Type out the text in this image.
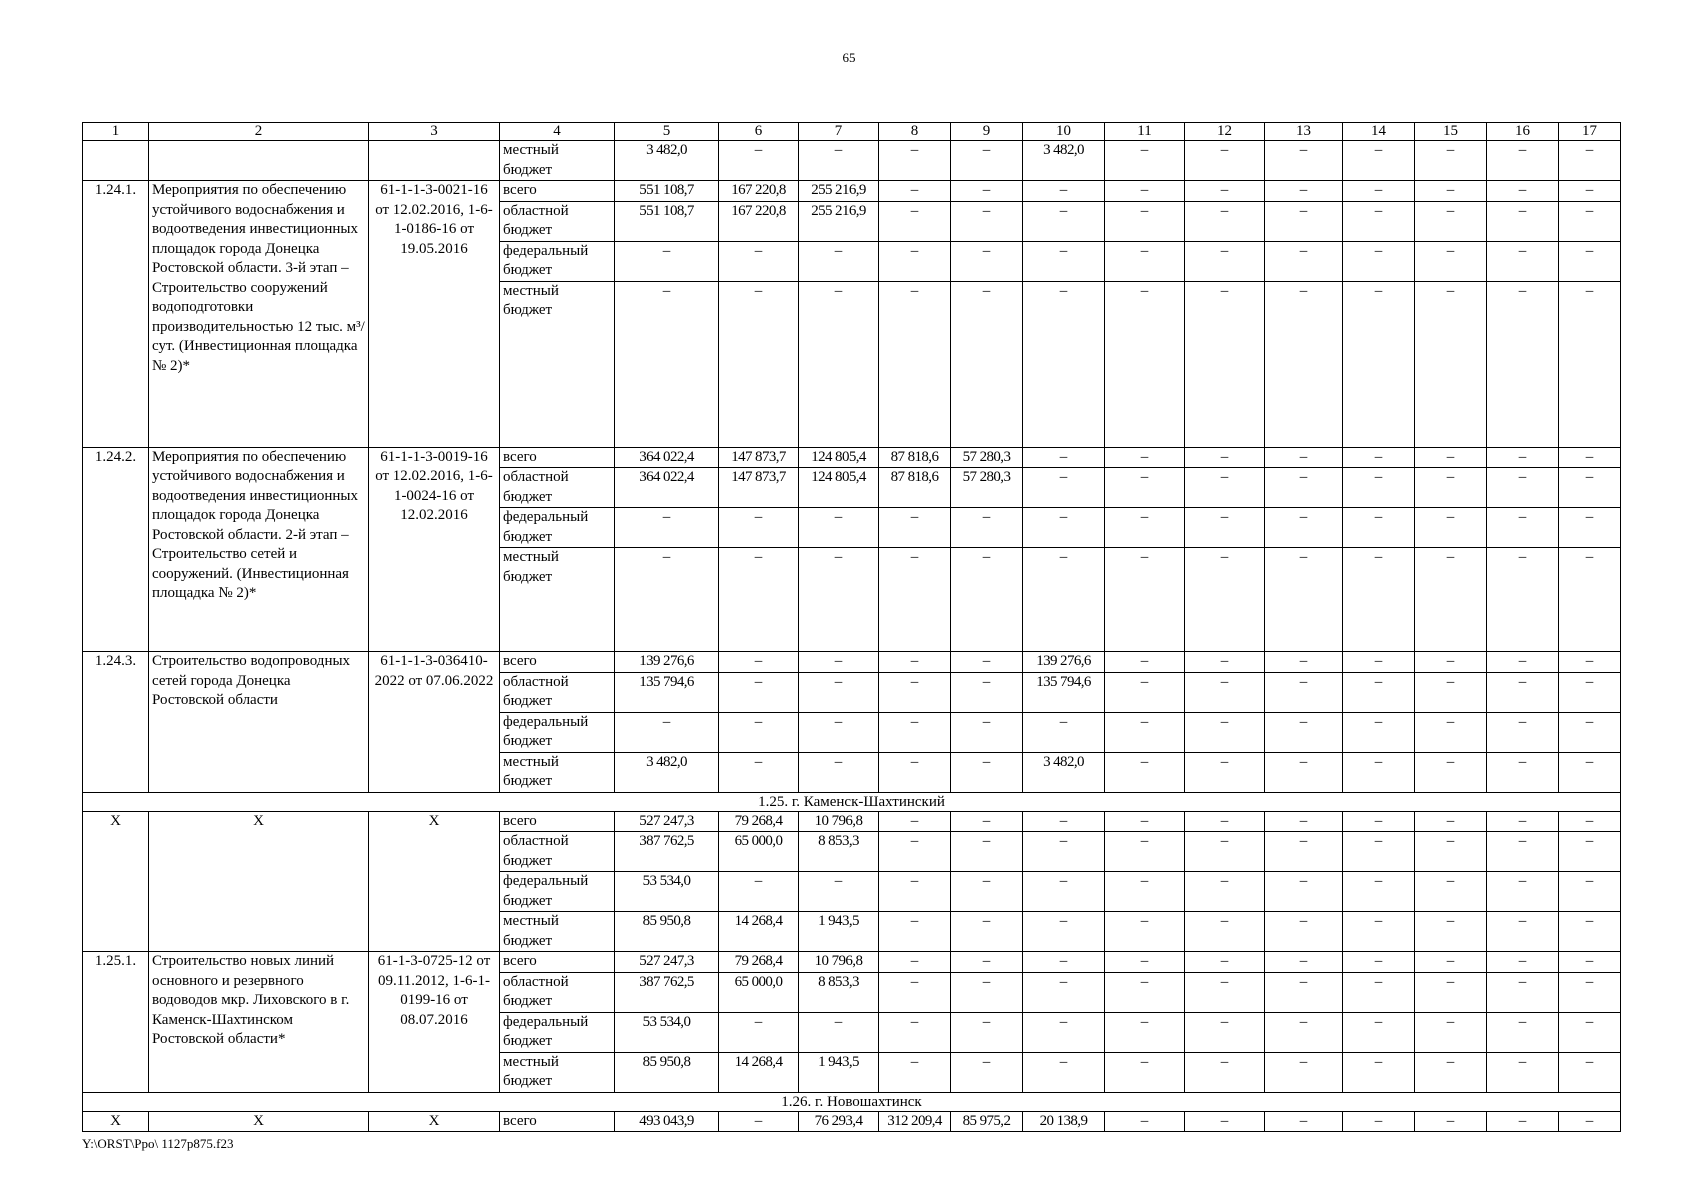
65
1	2	3	4	5	6	7	8	9	10	11	12	13	14	15	16	17
			местный бюджет	3 482,0	–	–	–	–	3 482,0	–	–	–	–	–	–	–
1.24.1.	Мероприятия по обеспечению устойчивого водоснабжения и водоотведения инвестиционных площадок города Донецка Ростовской области. 3-й этап – Строительство сооружений водоподготовки производительностью 12 тыс. м³/сут. (Инвестиционная площадка № 2)*	61-1-1-3-0021-16 от 12.02.2016, 1-6-1-0186-16 от 19.05.2016	всего	551 108,7	167 220,8	255 216,9	–	–	–	–	–	–	–	–	–	–
			областной бюджет	551 108,7	167 220,8	255 216,9	–	–	–	–	–	–	–	–	–	–
			федеральный бюджет	–	–	–	–	–	–	–	–	–	–	–	–	–
			местный бюджет	–	–	–	–	–	–	–	–	–	–	–	–	–
1.24.2.	Мероприятия по обеспечению устойчивого водоснабжения и водоотведения инвестиционных площадок города Донецка Ростовской области. 2-й этап – Строительство сетей и сооружений. (Инвестиционная площадка № 2)*	61-1-1-3-0019-16 от 12.02.2016, 1-6-1-0024-16 от 12.02.2016	всего	364 022,4	147 873,7	124 805,4	87 818,6	57 280,3	–	–	–	–	–	–	–	–
			областной бюджет	364 022,4	147 873,7	124 805,4	87 818,6	57 280,3	–	–	–	–	–	–	–	–
			федеральный бюджет	–	–	–	–	–	–	–	–	–	–	–	–	–
			местный бюджет	–	–	–	–	–	–	–	–	–	–	–	–	–
1.24.3.	Строительство водопроводных сетей города Донецка Ростовской области	61-1-1-3-036410-2022 от 07.06.2022	всего	139 276,6	–	–	–	–	139 276,6	–	–	–	–	–	–	–
			областной бюджет	135 794,6	–	–	–	–	135 794,6	–	–	–	–	–	–	–
			федеральный бюджет	–	–	–	–	–	–	–	–	–	–	–	–	–
			местный бюджет	3 482,0	–	–	–	–	3 482,0	–	–	–	–	–	–	–
1.25. г. Каменск-Шахтинский																
Х	Х	Х	всего	527 247,3	79 268,4	10 796,8	–	–	–	–	–	–	–	–	–	–
			областной бюджет	387 762,5	65 000,0	8 853,3	–	–	–	–	–	–	–	–	–	–
			федеральный бюджет	53 534,0	–	–	–	–	–	–	–	–	–	–	–	–
			местный бюджет	85 950,8	14 268,4	1 943,5	–	–	–	–	–	–	–	–	–	–
1.25.1.	Строительство новых линий основного и резервного водоводов мкр. Лиховского в г. Каменск-Шахтинском Ростовской области*	61-1-3-0725-12 от 09.11.2012, 1-6-1-0199-16 от 08.07.2016	всего	527 247,3	79 268,4	10 796,8	–	–	–	–	–	–	–	–	–	–
			областной бюджет	387 762,5	65 000,0	8 853,3	–	–	–	–	–	–	–	–	–	–
			федеральный бюджет	53 534,0	–	–	–	–	–	–	–	–	–	–	–	–
			местный бюджет	85 950,8	14 268,4	1 943,5	–	–	–	–	–	–	–	–	–	–
1.26. г. Новошахтинск																
Х	Х	Х	всего	493 043,9	–	76 293,4	312 209,4	85 975,2	20 138,9	–	–	–	–	–	–	–
Y:\ORST\Ppo\ 1127p875.f23
